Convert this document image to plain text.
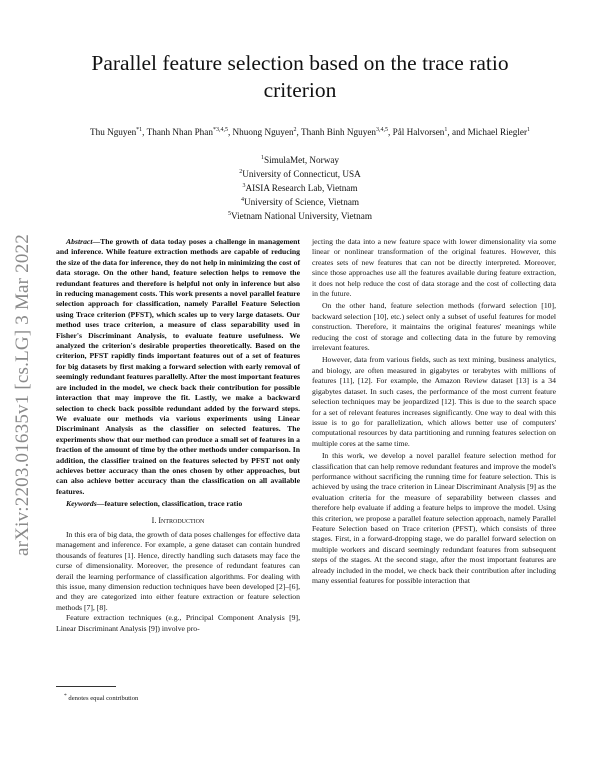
arXiv:2203.01635v1 [cs.LG] 3 Mar 2022
Parallel feature selection based on the trace ratio
criterion
Thu Nguyen$^{*1}$, Thanh Nhan Phan$^{*3,4,5}$, Nhuong Nguyen$^2$, Thanh Binh Nguyen$^{3,4,5}$, Pål Halvorsen$^1$, and Michael Riegler$^1$
$^1$SimulaMet, Norway
$^2$University of Connecticut, USA
$^3$AISIA Research Lab, Vietnam
$^4$University of Science, Vietnam
$^5$Vietnam National University, Vietnam

Abstract—The growth of data today poses a challenge in management and inference. While feature extraction methods are capable of reducing the size of the data for inference, they do not help in minimizing the cost of data storage. On the other hand, feature selection helps to remove the redundant features and therefore is helpful not only in inference but also in reducing management costs. This work presents a novel parallel feature selection approach for classification, namely Parallel Feature Selection using Trace criterion (PFST), which scales up to very large datasets. Our method uses trace criterion, a measure of class separability used in Fisher's Discriminant Analysis, to evaluate feature usefulness. We analyzed the criterion's desirable properties theoretically. Based on the criterion, PFST rapidly finds important features out of a set of features for big datasets by first making a forward selection with early removal of seemingly redundant features parallelly. After the most important features are included in the model, we check back their contribution for possible interaction that may improve the fit. Lastly, we make a backward selection to check back possible redundant added by the forward steps. We evaluate our methods via various experiments using Linear Discriminant Analysis as the classifier on selected features. The experiments show that our method can produce a small set of features in a fraction of the amount of time by the other methods under comparison. In addition, the classifier trained on the features selected by PFST not only achieves better accuracy than the ones chosen by other approaches, but can also achieve better accuracy than the classification on all available features.

Keywords—feature selection, classification, trace ratio

I. Introduction

In this era of big data, the growth of data poses challenges for effective data management and inference. For example, a gene dataset can contain hundred thousands of features [1]. Hence, directly handling such datasets may face the curse of dimensionality. Moreover, the presence of redundant features can derail the learning performance of classification algorithms. For dealing with this issue, many dimension reduction techniques have been developed [2]–[6], and they are categorized into either feature extraction or feature selection methods [7], [8].

Feature extraction techniques (e.g., Principal Component Analysis [9], Linear Discriminant Analysis [9]) involve pro-

jecting the data into a new feature space with lower dimensionality via some linear or nonlinear transformation of the original features. However, this creates sets of new features that can not be directly interpreted. Moreover, since those approaches use all the features available during feature extraction, it does not help reduce the cost of data storage and the cost of collecting data in the future.

On the other hand, feature selection methods (forward selection [10], backward selection [10], etc.) select only a subset of useful features for model construction. Therefore, it maintains the original features' meanings while reducing the cost of storage and collecting data in the future by removing irrelevant features.

However, data from various fields, such as text mining, business analytics, and biology, are often measured in gigabytes or terabytes with millions of features [11], [12]. For example, the Amazon Review dataset [13] is a 34 gigabytes dataset. In such cases, the performance of the most current feature selection techniques may be jeopardized [12]. This is due to the search space for a set of relevant features increases significantly. One way to deal with this issue is to go for parallelization, which allows better use of computers' computational resources by data partitioning and running features selection on multiple cores at the same time.

In this work, we develop a novel parallel feature selection method for classification that can help remove redundant features and improve the model's performance without sacrificing the running time for feature selection. This is achieved by using the trace criterion in Linear Discriminant Analysis [9] as the evaluation criteria for the measure of separability between classes and therefore help evaluate if adding a feature helps to improve the model. Using this criterion, we propose a parallel feature selection approach, namely Parallel Feature Selection based on Trace criterion (PFST), which consists of three stages. First, in a forward-dropping stage, we do parallel forward selection on multiple workers and discard seemingly redundant features from subsequent steps of the stages. At the second stage, after the most important features are already included in the model, we check back their contribution after including many essential features for possible interaction that

* denotes equal contribution
